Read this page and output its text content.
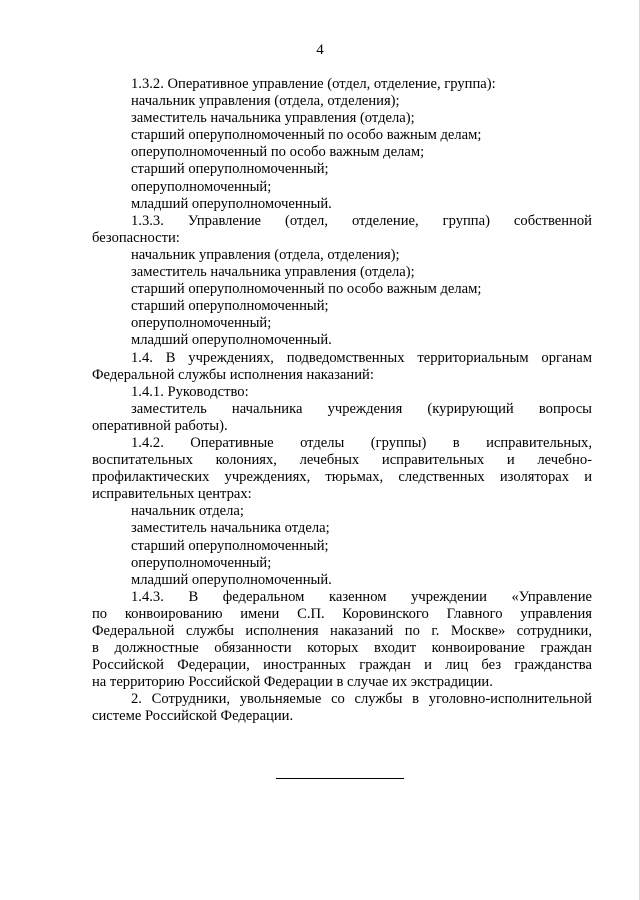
4
1.3.2. Оперативное управление (отдел, отделение, группа):
начальник управления (отдела, отделения);
заместитель начальника управления (отдела);
старший оперуполномоченный по особо важным делам;
оперуполномоченный по особо важным делам;
старший оперуполномоченный;
оперуполномоченный;
младший оперуполномоченный.
1.3.3. Управление (отдел, отделение, группа) собственной
безопасности:
начальник управления (отдела, отделения);
заместитель начальника управления (отдела);
старший оперуполномоченный по особо важным делам;
старший оперуполномоченный;
оперуполномоченный;
младший оперуполномоченный.
1.4. В учреждениях, подведомственных территориальным органам
Федеральной службы исполнения наказаний:
1.4.1. Руководство:
заместитель начальника учреждения (курирующий вопросы
оперативной работы).
1.4.2. Оперативные отделы (группы) в исправительных,
воспитательных колониях, лечебных исправительных и лечебно-
профилактических учреждениях, тюрьмах, следственных изоляторах и
исправительных центрах:
начальник отдела;
заместитель начальника отдела;
старший оперуполномоченный;
оперуполномоченный;
младший оперуполномоченный.
1.4.3. В федеральном казенном учреждении «Управление
по конвоированию имени С.П. Коровинского Главного управления
Федеральной службы исполнения наказаний по г. Москве» сотрудники,
в должностные обязанности которых входит конвоирование граждан
Российской Федерации, иностранных граждан и лиц без гражданства
на территорию Российской Федерации в случае их экстрадиции.
2. Сотрудники, увольняемые со службы в уголовно-исполнительной
системе Российской Федерации.
